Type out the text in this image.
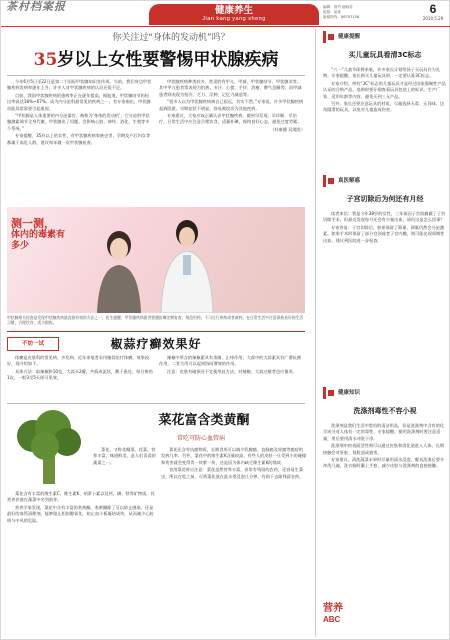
茶村档案报	健康养生
Jian kang yang sheng
编辑：曾竹 谢咏芳
组版：某某
新闻热线：86707158
6
2010.5.29
你关注过“身体的发动机”吗？
35岁以上女性要警惕甲状腺疾病

今年6月5日至22日是第二个国际甲状腺知识宣传周。当前，我们身边甲状腺疾病发病率逐年上升，许多人对甲状腺疾病的认识还很不足。

目前，我国甲状腺疾病的患病率正在逐年提高，据报道，甲状腺结节的检出率高达18%~67%，成为内分泌科最常见的疾病之一。有专家指出，甲状腺功能异常需要引起重视。

“甲状腺是人体重要的内分泌器官，被称为‘身体的发动机’，它分泌的甲状腺激素调节全身代谢。甲状腺出了问题，会影响心脏、神经、消化、生殖等多个系统。”

专家提醒，35岁以上的女性、有甲状腺疾病家族史者、孕期及产后妇女等都属于高危人群，建议每年做一次甲状腺检查。

甲状腺疾病种类较多，常见的有甲亢、甲减、甲状腺结节、甲状腺炎等。其中甲亢患者常表现为怕热、多汗、心慌、手抖、消瘦、脾气急躁等；而甲减患者则表现为怕冷、乏力、浮肿、记忆力减退等。

“很多人以为甲状腺疾病离自己很远，其实不然。”专家说，许多甲状腺疾病起病隐匿，早期症状不明显，容易被误诊为其他疾病。

专家建议，大家应该正确认识甲状腺疾病，做到早发现、早诊断、早治疗。日常生活中应注意合理饮食，适量补碘，保持良好心态，避免过度劳累。

（杜康健 吴湘发）

测一测，
体内的毒素有多少
甲状腺相关检查是发现甲状腺疾病最直接有效的方法之一。医生提醒，甲状腺疾病患者要遵医嘱定期复查，规范用药，不可自行停药或者减药。在日常生活中注意保持良好的生活习惯，合理饮食，适当锻炼。
不妨一试	椒蒜疗癣效果好

体癣是皮肤科的常见病、多发病。近年来笔者采用椒蒜治疗体癣，效果较好，现介绍如下。

具体方法：取辣椒粉10克，大蒜头2瓣，共捣成泥状，敷于患处，每日换药1次，一般3至5天即可见效。

辣椒中所含的辣椒素具有杀菌、止痒作用；大蒜中的大蒜素具有广谱抗菌作用，二者合用可以起到协同增效的作用。

注意：皮肤有破损处不宜使用此方法，对辣椒、大蒜过敏者也应慎用。

菜花富含类黄酮
常吃可防心血管病

菜花，又称花椰菜、花菜，营养丰富，味道鲜美，是人们喜爱的蔬菜之一。

菜花含有丰富的维生素C、维生素K、胡萝卜素以及钙、磷、铁等矿物质，其营养价值在蔬菜中名列前茅。

营养学家发现，菜花中含有丰富的类黄酮，类黄酮除了可以防止感染，还是最好的血管清理剂，能够阻止胆固醇氧化，防止血小板凝结成块，从而减少心脏病与中风的危险。

菜花还含有抗癌物质，长期食用可以减少乳腺癌、直肠癌及胃癌等癌症的发病几率。另外，菜花中的维生素K含量较高，有些人的皮肤一旦受到小的碰撞和伤害就会变得青一块紫一块，这是因为体内缺乏维生素K的缘故。

食用菜花时应注意：菜花虽然营养丰富，但常有残留的农药，还容易生菜虫，所以在吃之前，可将菜花放在盐水里浸泡几分钟，有助于去除残留农药。

健康提醒
买儿童玩具看清3C标志

“六一”儿童节即将来临，许多家长计划给孩子买玩具作为礼物。专家提醒，家长购买儿童玩具时，一定要认准3C标志。

专家介绍，带有“3C”标志的儿童玩具才是经过国家强制性产品认证的合格产品。选购时要仔细查看玩具包装上的标识、生产厂家、适用年龄等内容，避免买到三无产品。

另外，家长还要注意玩具的材质，尽量选择无毒、无异味、边角圆滑的玩具，以免对儿童造成伤害。

真医解惑
子宫切除后为何还有月经

读者来信：我是今年38岁的女性，三年前因子宫肌瘤做了子宫切除手术，但最近发现每月还会有少量出血，请问这是怎么回事？

专家答复：子宫切除后，如果保留了卵巢，卵巢仍然会分泌激素。如果手术时保留了部分宫颈或者子宫内膜，则可能出现周期性出血，建议到医院进一步检查。

健康知识
洗涤剂毒性不容小视

洗涤剂是我们生活中常用的清洁用品，但是洗涤剂中含有的化学成分对人体有一定的毒性。专家提醒，使用洗涤剂时要注意适量，用后要用清水冲洗干净。

洗涤剂中的表面活性剂可以通过皮肤和消化道进入人体，长期接触会对肝脏、肾脏造成损害。

专家建议，清洗蔬菜水果时尽量用清水浸泡，餐具洗涤后要多冲洗几遍，洗衣服时戴上手套，减少皮肤与洗涤剂的直接接触。

营养
ABC
